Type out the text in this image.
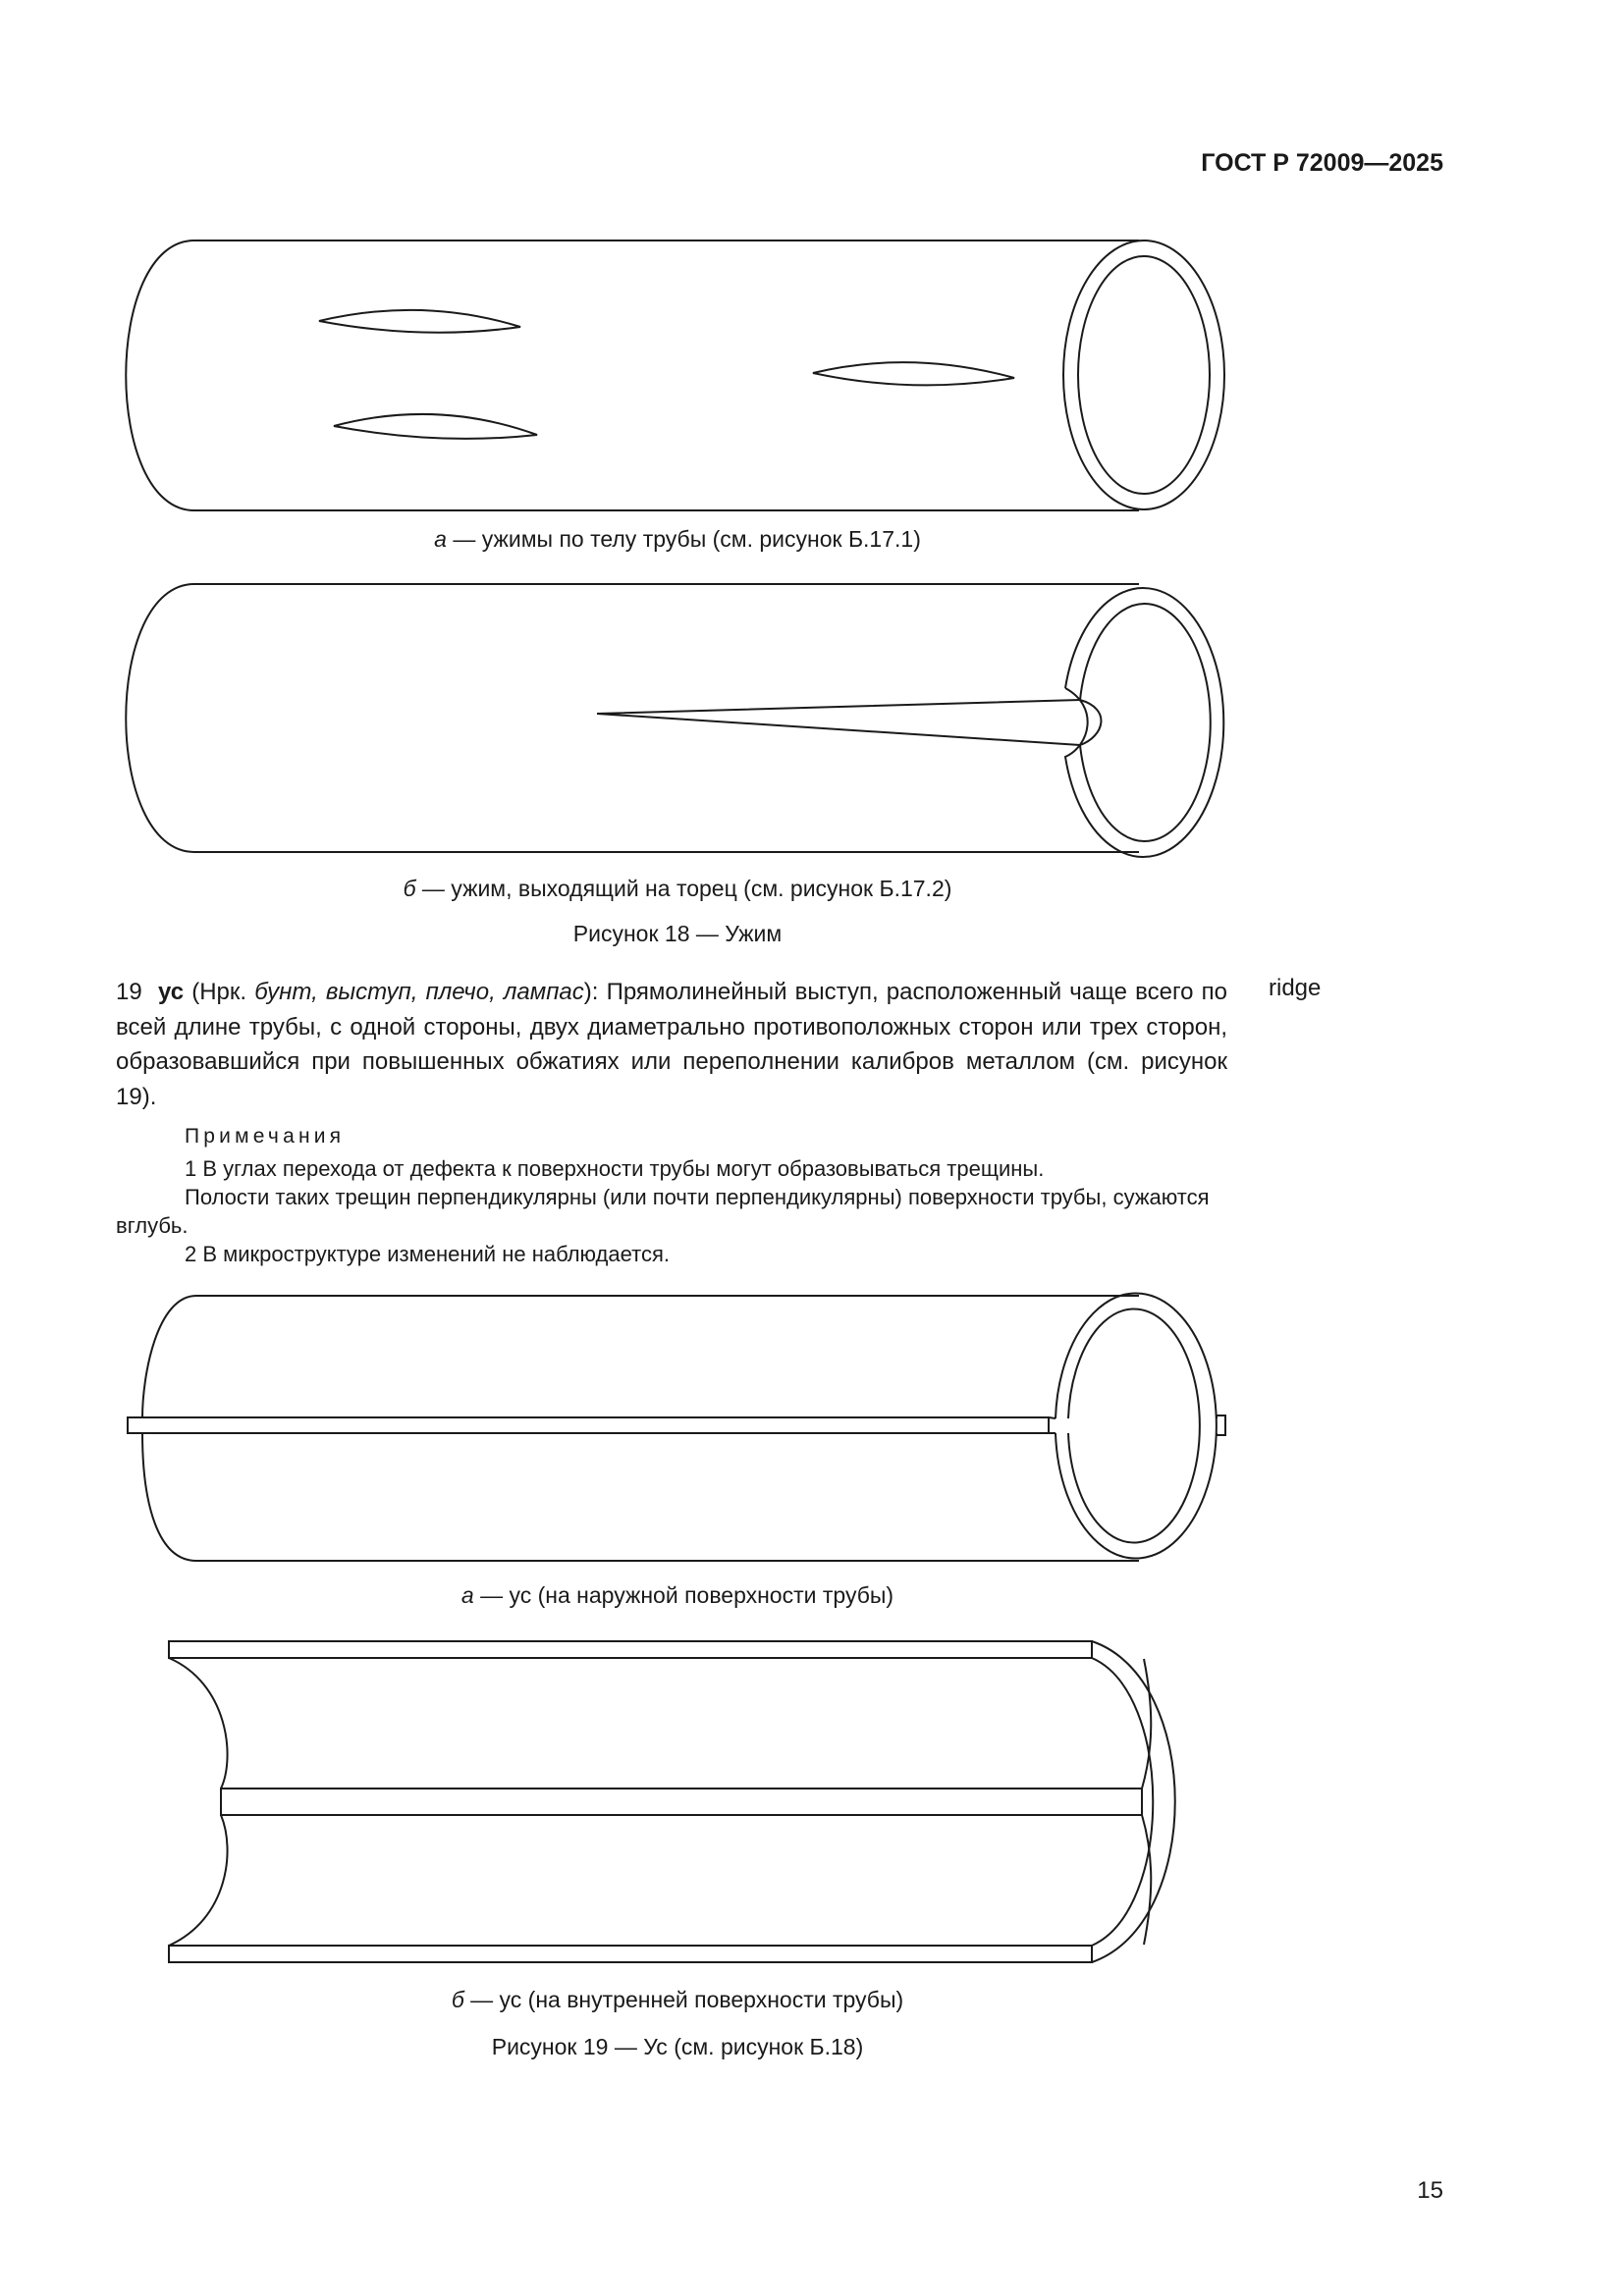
ГОСТ Р 72009—2025
а — ужимы по телу трубы (см. рисунок Б.17.1)
б — ужим, выходящий на торец (см. рисунок Б.17.2)
Рисунок 18 — Ужим
19 ус (Нрк. бунт, выступ, плечо, лампас): Прямолинейный выступ, расположенный чаще всего по всей длине трубы, с одной стороны, двух диаметрально противоположных сторон или трех сторон, образовавшийся при повышенных обжатиях или переполнении калибров металлом (см. рисунок 19).
ridge
Примечания
1 В углах перехода от дефекта к поверхности трубы могут образовываться трещины.
Полости таких трещин перпендикулярны (или почти перпендикулярны) поверхности трубы, сужаются вглубь.
2 В микроструктуре изменений не наблюдается.
а — ус (на наружной поверхности трубы)
б — ус (на внутренней поверхности трубы)
Рисунок 19 — Ус (см. рисунок Б.18)
15
